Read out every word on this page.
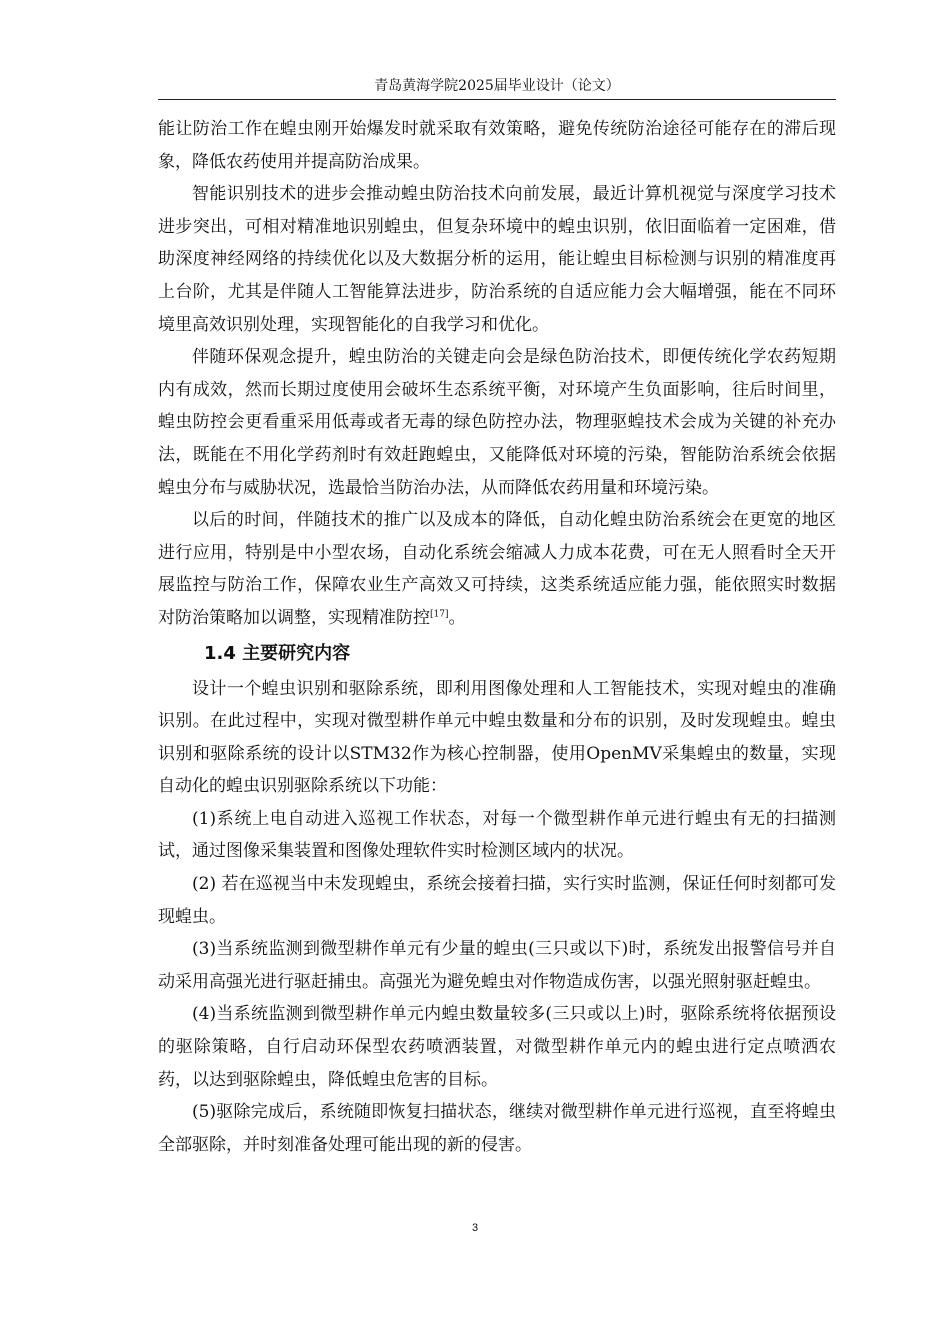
青岛黄海学院2025届毕业设计（论文）

能让防治工作在蝗虫刚开始爆发时就采取有效策略，避免传统防治途径可能存在的滞后现象，降低农药使用并提高防治成果。

智能识别技术的进步会推动蝗虫防治技术向前发展，最近计算机视觉与深度学习技术进步突出，可相对精准地识别蝗虫，但复杂环境中的蝗虫识别，依旧面临着一定困难，借助深度神经网络的持续优化以及大数据分析的运用，能让蝗虫目标检测与识别的精准度再上台阶，尤其是伴随人工智能算法进步，防治系统的自适应能力会大幅增强，能在不同环境里高效识别处理，实现智能化的自我学习和优化。

伴随环保观念提升，蝗虫防治的关键走向会是绿色防治技术，即便传统化学农药短期内有成效，然而长期过度使用会破坏生态系统平衡，对环境产生负面影响，往后时间里，蝗虫防控会更看重采用低毒或者无毒的绿色防控办法，物理驱蝗技术会成为关键的补充办法，既能在不用化学药剂时有效赶跑蝗虫，又能降低对环境的污染，智能防治系统会依据蝗虫分布与威胁状况，选最恰当防治办法，从而降低农药用量和环境污染。

以后的时间，伴随技术的推广以及成本的降低，自动化蝗虫防治系统会在更宽的地区进行应用，特别是中小型农场，自动化系统会缩减人力成本花费，可在无人照看时全天开展监控与防治工作，保障农业生产高效又可持续，这类系统适应能力强，能依照实时数据对防治策略加以调整，实现精准防控[17]。

1.4 主要研究内容

设计一个蝗虫识别和驱除系统，即利用图像处理和人工智能技术，实现对蝗虫的准确识别。在此过程中，实现对微型耕作单元中蝗虫数量和分布的识别，及时发现蝗虫。蝗虫识别和驱除系统的设计以STM32作为核心控制器，使用OpenMV采集蝗虫的数量，实现自动化的蝗虫识别驱除系统以下功能：

(1)系统上电自动进入巡视工作状态，对每一个微型耕作单元进行蝗虫有无的扫描测试，通过图像采集装置和图像处理软件实时检测区域内的状况。

(2) 若在巡视当中未发现蝗虫，系统会接着扫描，实行实时监测，保证任何时刻都可发现蝗虫。

(3)当系统监测到微型耕作单元有少量的蝗虫(三只或以下)时，系统发出报警信号并自动采用高强光进行驱赶捕虫。高强光为避免蝗虫对作物造成伤害，以强光照射驱赶蝗虫。

(4)当系统监测到微型耕作单元内蝗虫数量较多(三只或以上)时，驱除系统将依据预设的驱除策略，自行启动环保型农药喷洒装置，对微型耕作单元内的蝗虫进行定点喷洒农药，以达到驱除蝗虫，降低蝗虫危害的目标。

(5)驱除完成后，系统随即恢复扫描状态，继续对微型耕作单元进行巡视，直至将蝗虫全部驱除，并时刻准备处理可能出现的新的侵害。

3
